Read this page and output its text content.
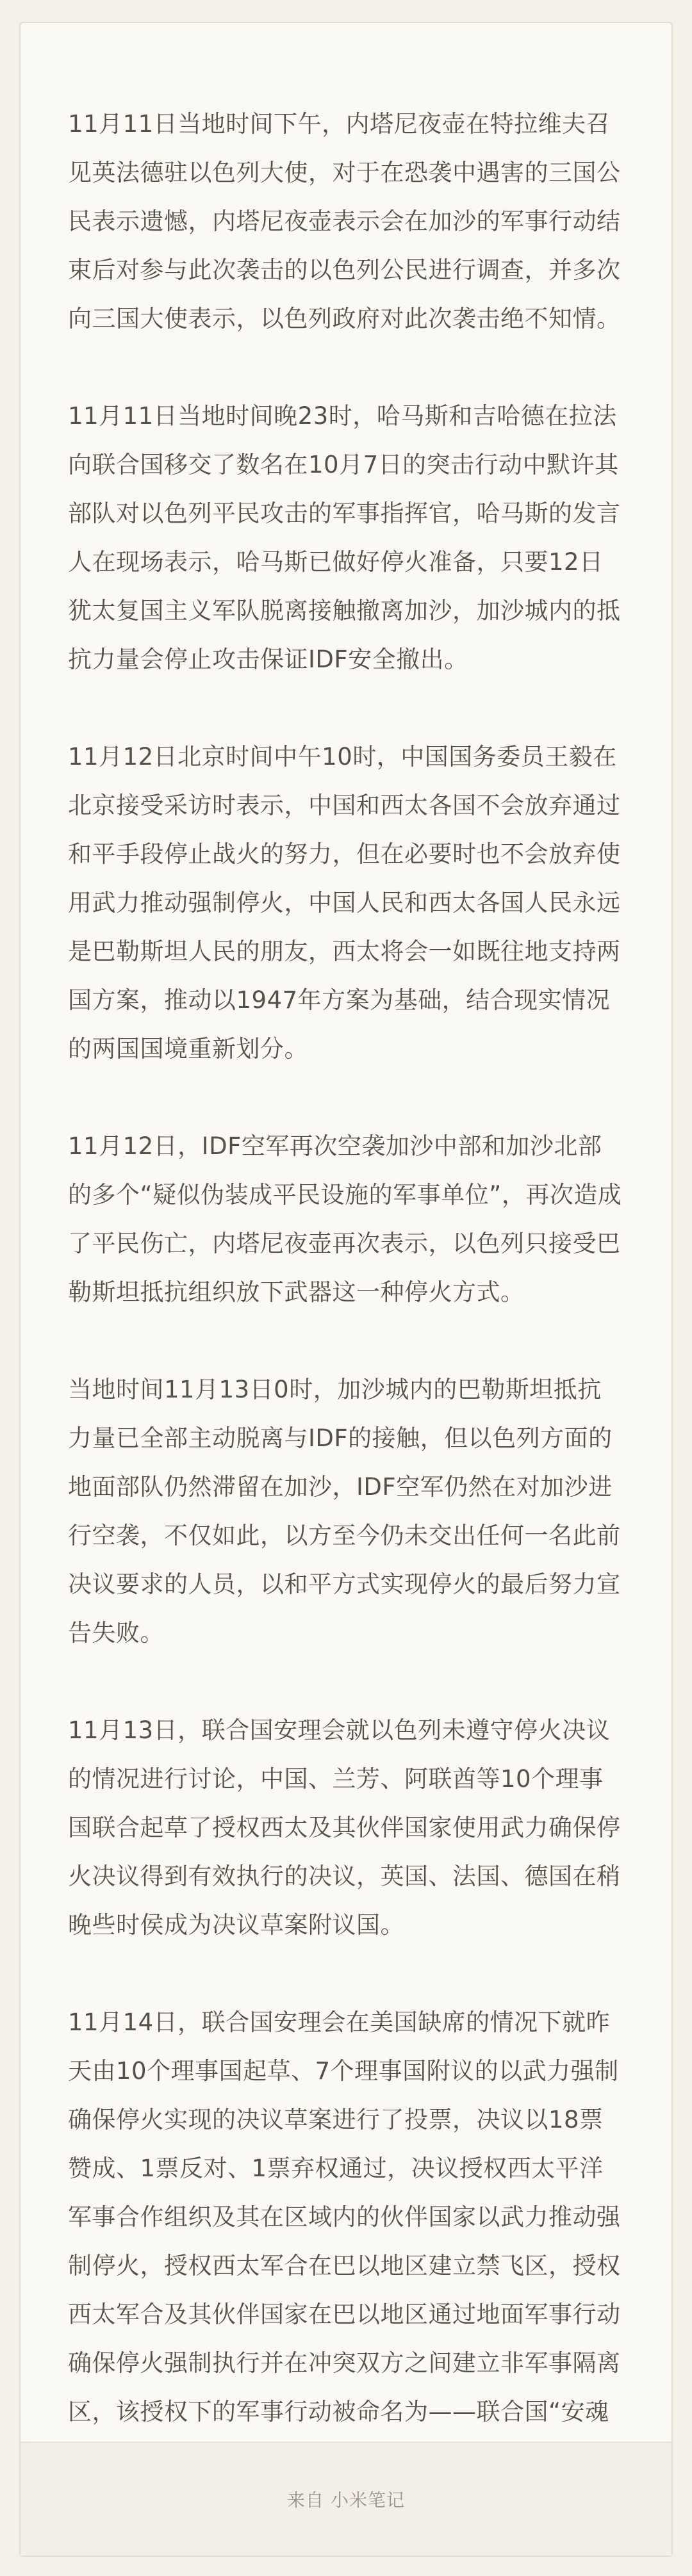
11月11日当地时间下午，内塔尼夜壶在特拉维夫召见英法德驻以色列大使，对于在恐袭中遇害的三国公民表示遗憾，内塔尼夜壶表示会在加沙的军事行动结束后对参与此次袭击的以色列公民进行调查，并多次向三国大使表示，以色列政府对此次袭击绝不知情。

11月11日当地时间晚23时，哈马斯和吉哈德在拉法向联合国移交了数名在10月7日的突击行动中默许其部队对以色列平民攻击的军事指挥官，哈马斯的发言人在现场表示，哈马斯已做好停火准备，只要12日犹太复国主义军队脱离接触撤离加沙，加沙城内的抵抗力量会停止攻击保证IDF安全撤出。

11月12日北京时间中午10时，中国国务委员王毅在北京接受采访时表示，中国和西太各国不会放弃通过和平手段停止战火的努力，但在必要时也不会放弃使用武力推动强制停火，中国人民和西太各国人民永远是巴勒斯坦人民的朋友，西太将会一如既往地支持两国方案，推动以1947年方案为基础，结合现实情况的两国国境重新划分。

11月12日，IDF空军再次空袭加沙中部和加沙北部的多个“疑似伪装成平民设施的军事单位”，再次造成了平民伤亡，内塔尼夜壶再次表示，以色列只接受巴勒斯坦抵抗组织放下武器这一种停火方式。

当地时间11月13日0时，加沙城内的巴勒斯坦抵抗力量已全部主动脱离与IDF的接触，但以色列方面的地面部队仍然滞留在加沙，IDF空军仍然在对加沙进行空袭，不仅如此，以方至今仍未交出任何一名此前决议要求的人员，以和平方式实现停火的最后努力宣告失败。

11月13日，联合国安理会就以色列未遵守停火决议的情况进行讨论，中国、兰芳、阿联酋等10个理事国联合起草了授权西太及其伙伴国家使用武力确保停火决议得到有效执行的决议，英国、法国、德国在稍晚些时侯成为决议草案附议国。

11月14日，联合国安理会在美国缺席的情况下就昨天由10个理事国起草、7个理事国附议的以武力强制确保停火实现的决议草案进行了投票，决议以18票赞成、1票反对、1票弃权通过，决议授权西太平洋军事合作组织及其在区域内的伙伴国家以武力推动强制停火，授权西太军合在巴以地区建立禁飞区，授权西太军合及其伙伴国家在巴以地区通过地面军事行动确保停火强制执行并在冲突双方之间建立非军事隔离区，该授权下的军事行动被命名为——联合国“安魂

来自 小米笔记
